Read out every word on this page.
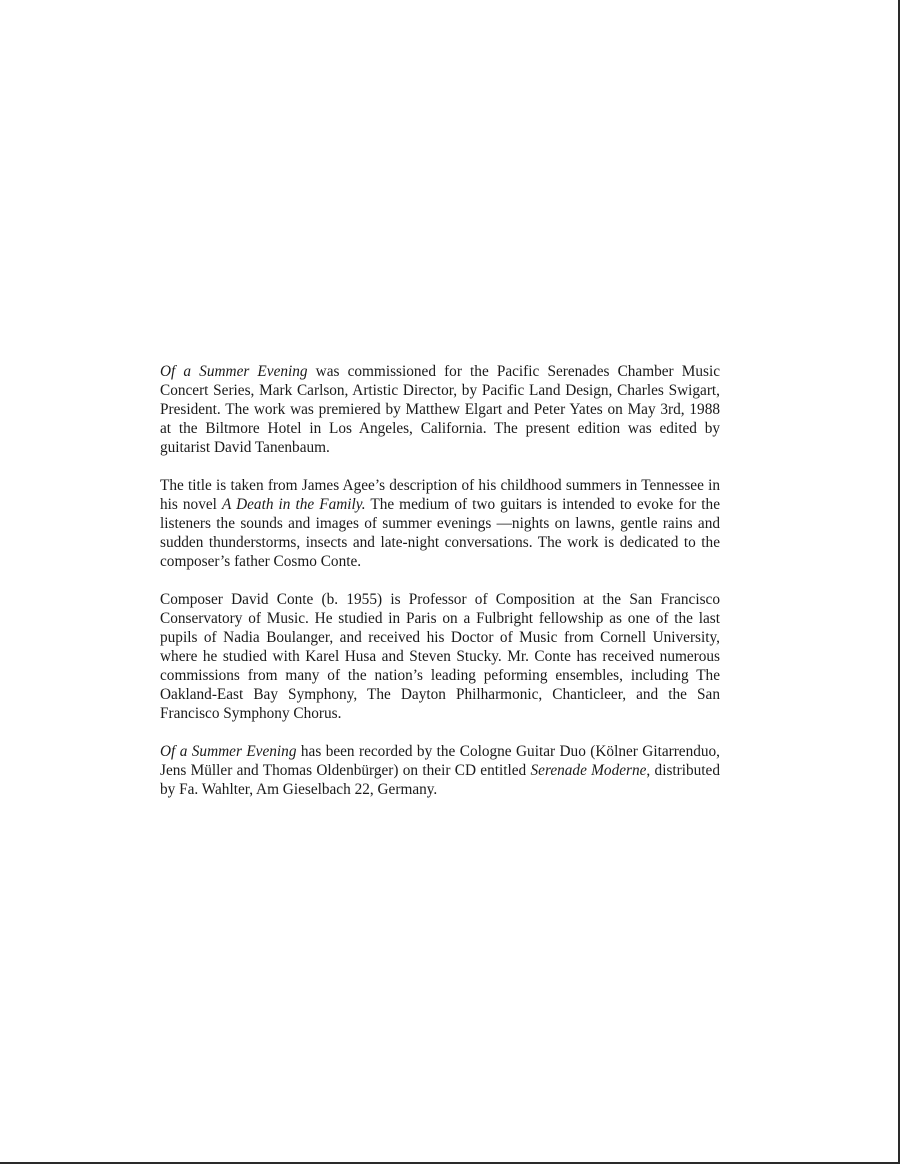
Of a Summer Evening was commissioned for the Pacific Serenades Chamber Music Concert Series, Mark Carlson, Artistic Director, by Pacific Land Design, Charles Swigart, President. The work was premiered by Matthew Elgart and Peter Yates on May 3rd, 1988 at the Biltmore Hotel in Los Angeles, California. The present edition was edited by guitarist David Tanenbaum.

The title is taken from James Agee’s description of his childhood summers in Tennessee in his novel A Death in the Family. The medium of two guitars is intended to evoke for the listeners the sounds and images of summer evenings —nights on lawns, gentle rains and sudden thunderstorms, insects and late-night conversations. The work is dedicated to the composer’s father Cosmo Conte.

Composer David Conte (b. 1955) is Professor of Composition at the San Francisco Conservatory of Music. He studied in Paris on a Fulbright fellowship as one of the last pupils of Nadia Boulanger, and received his Doctor of Music from Cornell University, where he studied with Karel Husa and Steven Stucky. Mr. Conte has received numerous commissions from many of the nation’s leading peforming ensembles, including The Oakland-East Bay Symphony, The Dayton Philharmonic, Chanticleer, and the San Francisco Symphony Chorus.

Of a Summer Evening has been recorded by the Cologne Guitar Duo (Kölner Gitarrenduo, Jens Müller and Thomas Oldenbürger) on their CD entitled Serenade Moderne, distributed by Fa. Wahlter, Am Gieselbach 22, Germany.
